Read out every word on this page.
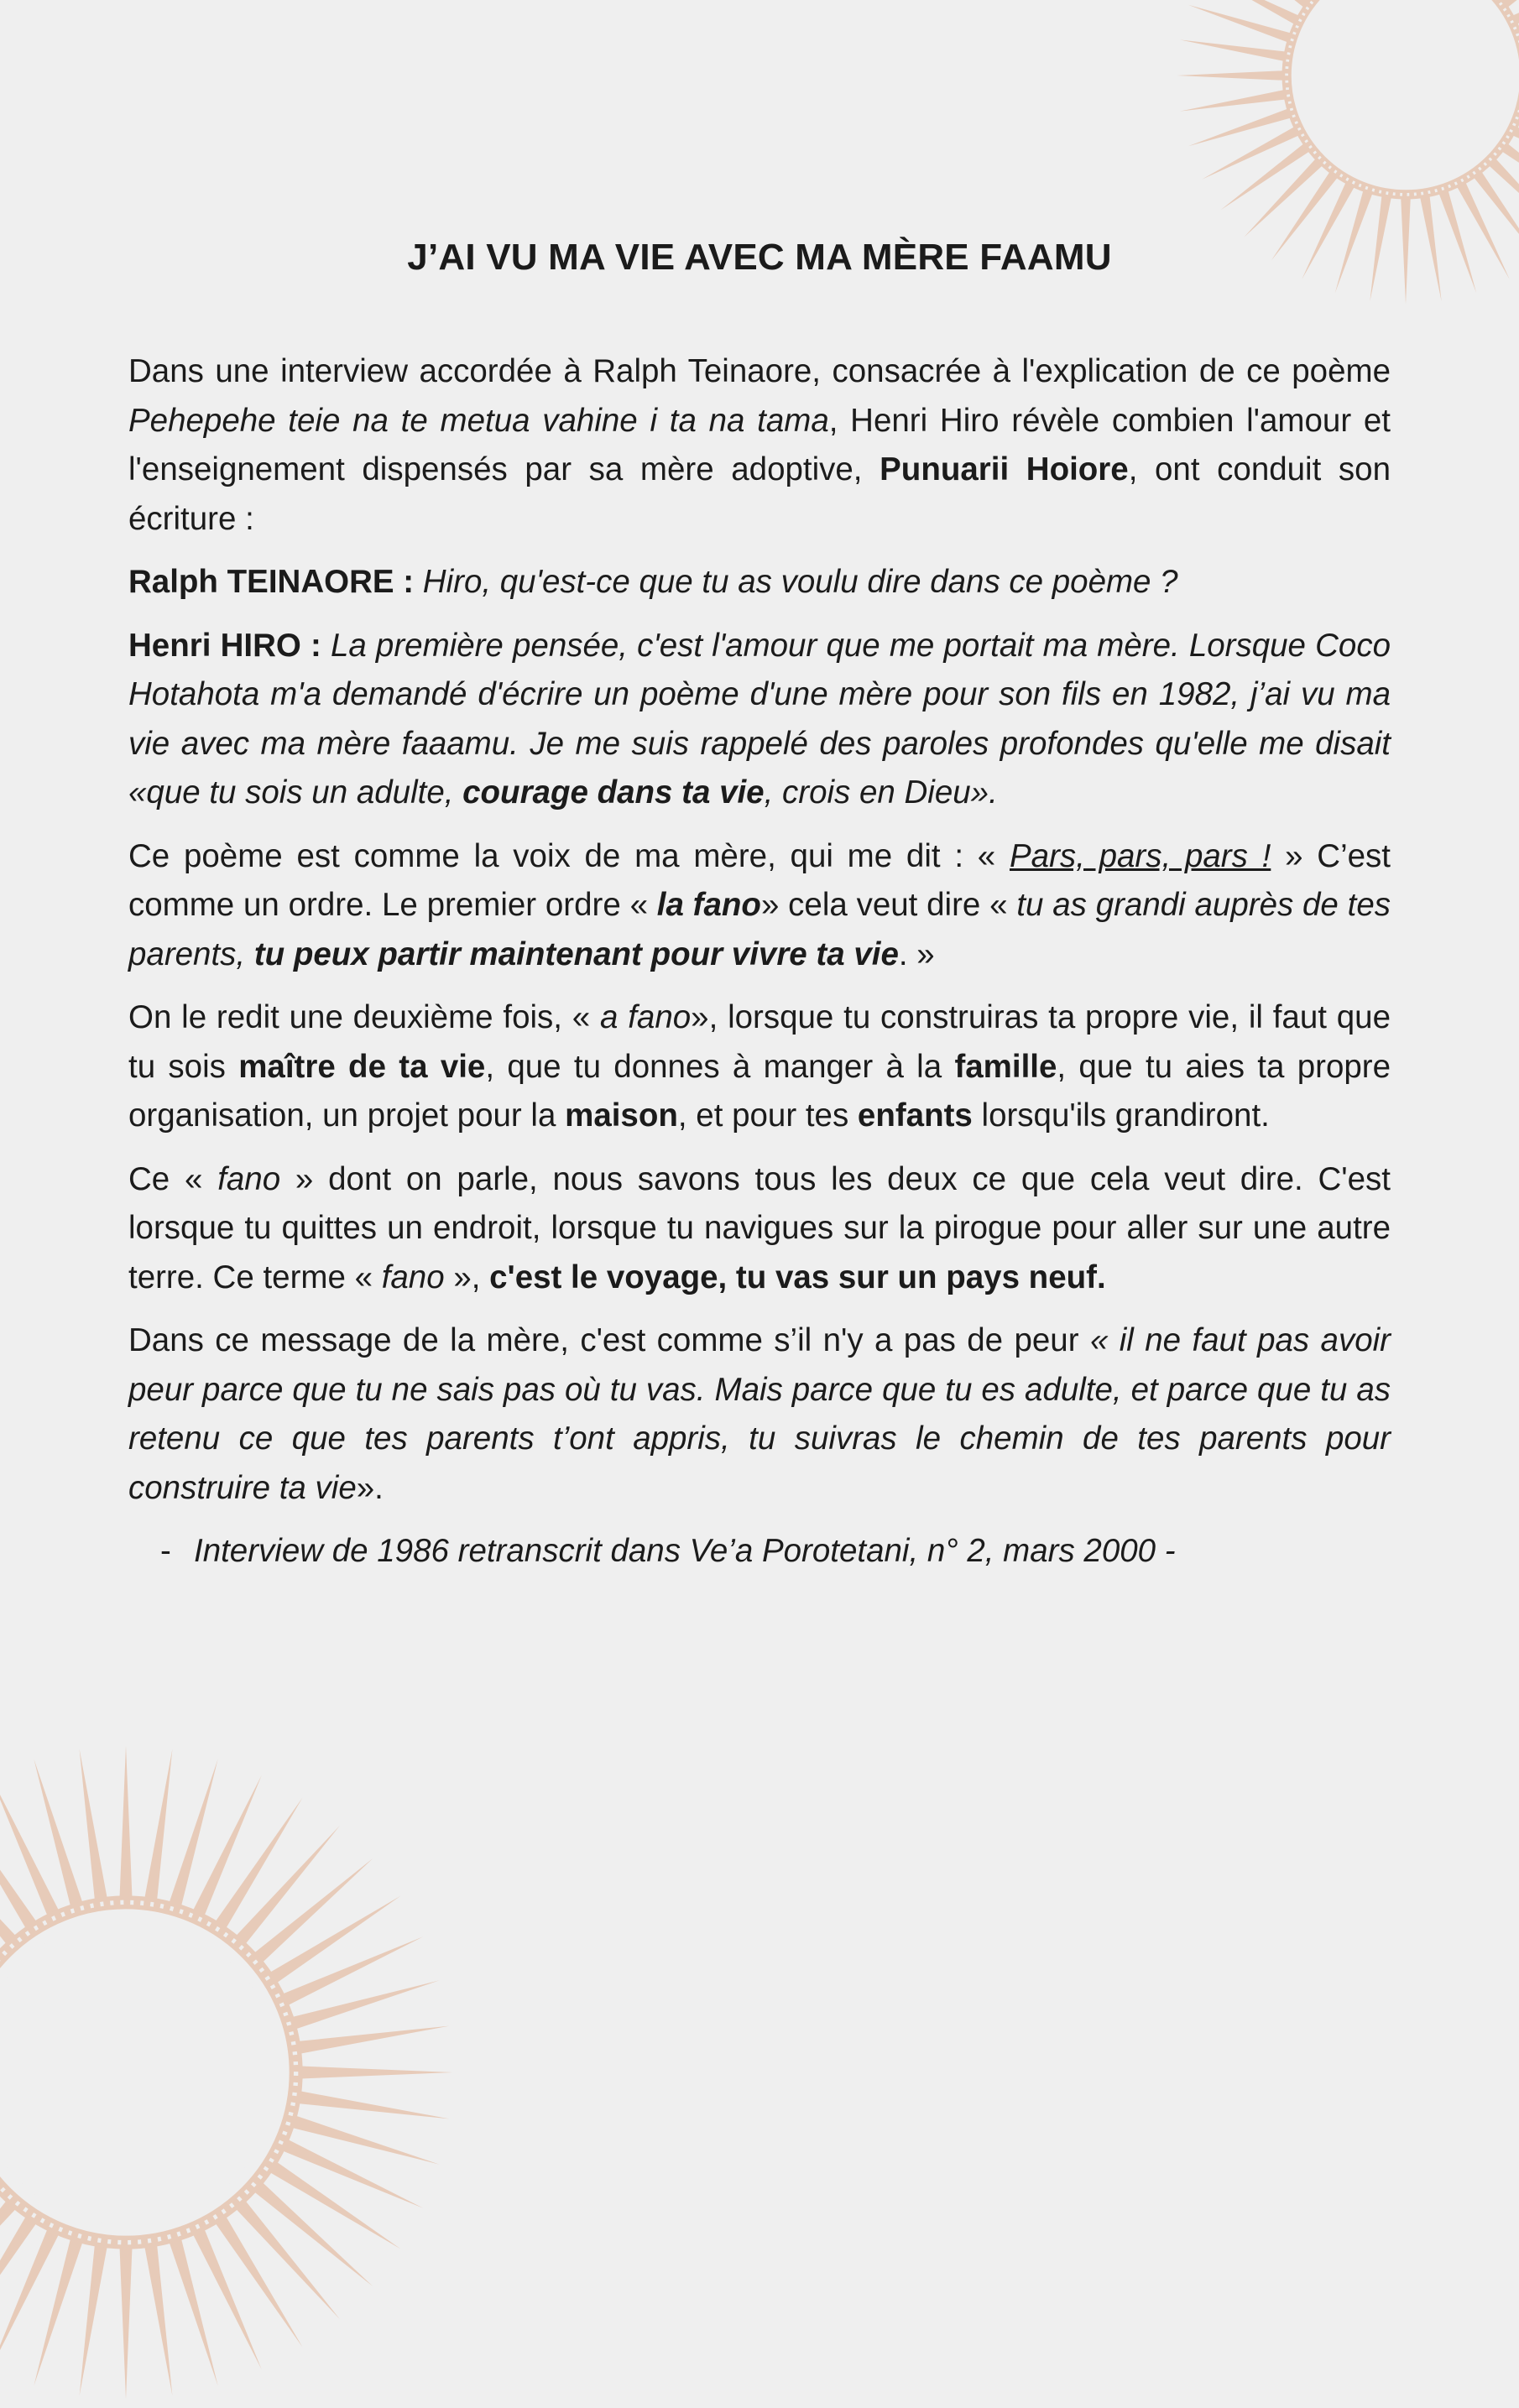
J’AI VU MA VIE AVEC MA MÈRE FAAMU

Dans une interview accordée à Ralph Teinaore, consacrée à l'explication de ce poème Pehepehe teie na te metua vahine i ta na tama, Henri Hiro révèle combien l'amour et l'enseignement dispensés par sa mère adoptive, Punuarii Hoiore, ont conduit son écriture :

Ralph TEINAORE : Hiro, qu'est-ce que tu as voulu dire dans ce poème ?

Henri HIRO : La première pensée, c'est l'amour que me portait ma mère. Lorsque Coco Hotahota m'a demandé d'écrire un poème d'une mère pour son fils en 1982, j’ai vu ma vie avec ma mère faaamu. Je me suis rappelé des paroles profondes qu'elle me disait «que tu sois un adulte, courage dans ta vie, crois en Dieu».

Ce poème est comme la voix de ma mère, qui me dit : « Pars, pars, pars ! » C’est comme un ordre. Le premier ordre « la fano» cela veut dire « tu as grandi auprès de tes parents, tu peux partir maintenant pour vivre ta vie. »

On le redit une deuxième fois, « a fano», lorsque tu construiras ta propre vie, il faut que tu sois maître de ta vie, que tu donnes à manger à la famille, que tu aies ta propre organisation, un projet pour la maison, et pour tes enfants lorsqu'ils grandiront.

Ce « fano » dont on parle, nous savons tous les deux ce que cela veut dire. C'est lorsque tu quittes un endroit, lorsque tu navigues sur la pirogue pour aller sur une autre terre. Ce terme « fano », c'est le voyage, tu vas sur un pays neuf.

Dans ce message de la mère, c'est comme s’il n'y a pas de peur « il ne faut pas avoir peur parce que tu ne sais pas où tu vas. Mais parce que tu es adulte, et parce que tu as retenu ce que tes parents t’ont appris, tu suivras le chemin de tes parents pour construire ta vie».

- Interview de 1986 retranscrit dans Ve’a Porotetani, n° 2, mars 2000 -
